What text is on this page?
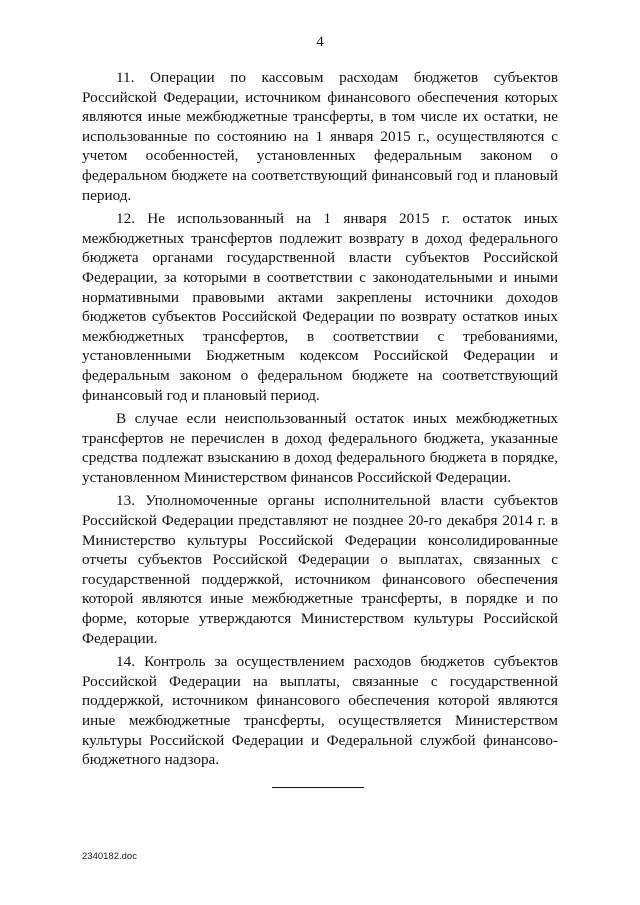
4

11. Операции по кассовым расходам бюджетов субъектов Российской Федерации, источником финансового обеспечения которых являются иные межбюджетные трансферты, в том числе их остатки, не использованные по состоянию на 1 января 2015 г., осуществляются с учетом особенностей, установленных федеральным законом о федеральном бюджете на соответствующий финансовый год и плановый период.

12. Не использованный на 1 января 2015 г. остаток иных межбюджетных трансфертов подлежит возврату в доход федерального бюджета органами государственной власти субъектов Российской Федерации, за которыми в соответствии с законодательными и иными нормативными правовыми актами закреплены источники доходов бюджетов субъектов Российской Федерации по возврату остатков иных межбюджетных трансфертов, в соответствии с требованиями, установленными Бюджетным кодексом Российской Федерации и федеральным законом о федеральном бюджете на соответствующий финансовый год и плановый период.

В случае если неиспользованный остаток иных межбюджетных трансфертов не перечислен в доход федерального бюджета, указанные средства подлежат взысканию в доход федерального бюджета в порядке, установленном Министерством финансов Российской Федерации.

13. Уполномоченные органы исполнительной власти субъектов Российской Федерации представляют не позднее 20-го декабря 2014 г. в Министерство культуры Российской Федерации консолидированные отчеты субъектов Российской Федерации о выплатах, связанных с государственной поддержкой, источником финансового обеспечения которой являются иные межбюджетные трансферты, в порядке и по форме, которые утверждаются Министерством культуры Российской Федерации.

14. Контроль за осуществлением расходов бюджетов субъектов Российской Федерации на выплаты, связанные с государственной поддержкой, источником финансового обеспечения которой являются иные межбюджетные трансферты, осуществляется Министерством культуры Российской Федерации и Федеральной службой финансово-бюджетного надзора.

2340182.doc
